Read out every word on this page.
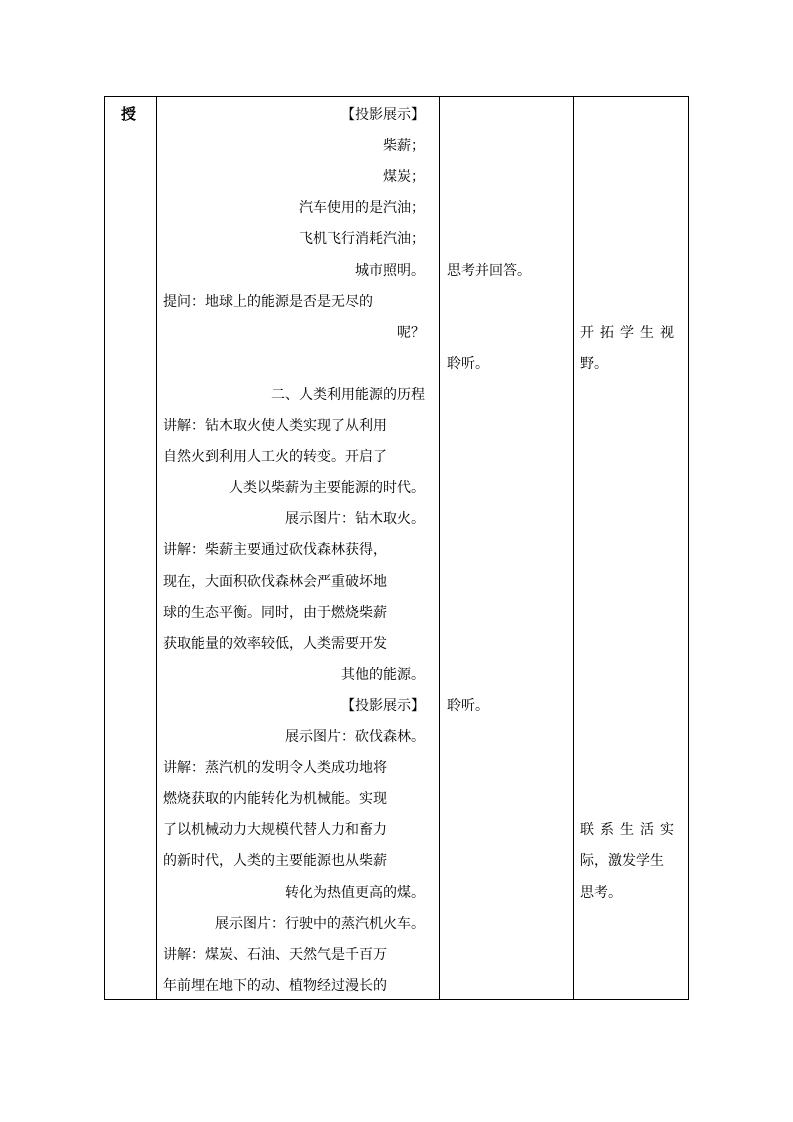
授	【投影展示】
柴薪；
煤炭；
汽车使用的是汽油；
飞机飞行消耗汽油；
城市照明。
提问：地球上的能源是否是无尽的
呢？
二、人类利用能源的历程
讲解：钻木取火使人类实现了从利用
自然火到利用人工火的转变。开启了
人类以柴薪为主要能源的时代。
展示图片：钻木取火。
讲解：柴薪主要通过砍伐森林获得，
现在，大面积砍伐森林会严重破坏地
球的生态平衡。同时，由于燃烧柴薪
获取能量的效率较低，人类需要开发
其他的能源。
【投影展示】
展示图片：砍伐森林。
讲解：蒸汽机的发明令人类成功地将
燃烧获取的内能转化为机械能。实现
了以机械动力大规模代替人力和畜力
的新时代，人类的主要能源也从柴薪
转化为热值更高的煤。
展示图片：行驶中的蒸汽机火车。
讲解：煤炭、石油、天然气是千百万
年前埋在地下的动、植物经过漫长的
思考并回答。
聆听。
聆听。
开拓学生视
野。
联系生活实
际，激发学生
思考。
